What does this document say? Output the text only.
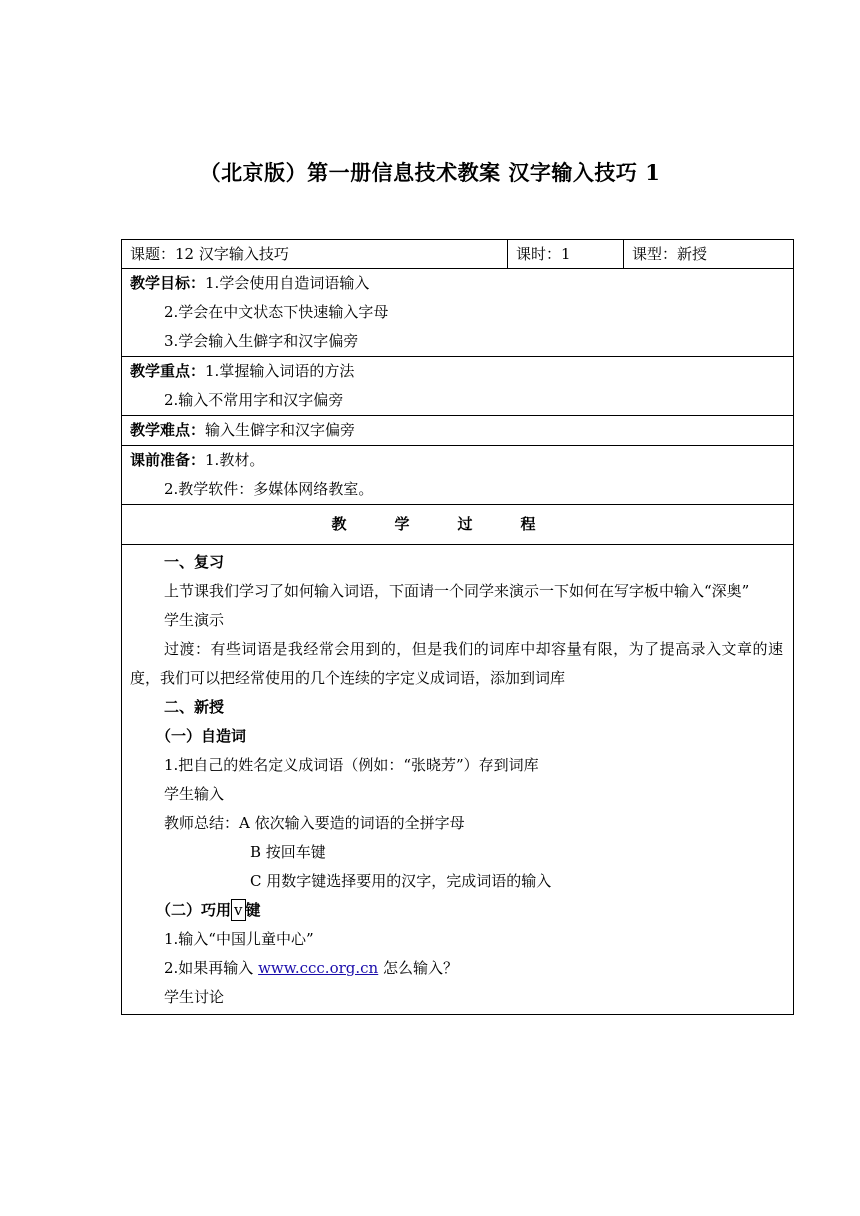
（北京版）第一册信息技术教案 汉字输入技巧 1
课题：12 汉字输入技巧	课时：1	课型：新授

教学目标：1.学会使用自造词语输入
2.学会在中文状态下快速输入字母
3.学会输入生僻字和汉字偏旁

教学重点：1.掌握输入词语的方法
2.输入不常用字和汉字偏旁

教学难点：输入生僻字和汉字偏旁

课前准备：1.教材。
2.教学软件：多媒体网络教室。

教学过程

一、复习
上节课我们学习了如何输入词语，下面请一个同学来演示一下如何在写字板中输入“深奥”
学生演示
过渡：有些词语是我经常会用到的，但是我们的词库中却容量有限，为了提高录入文章的速度，我们可以把经常使用的几个连续的字定义成词语，添加到词库
二、新授
（一）自造词
1.把自己的姓名定义成词语（例如：“张晓芳”）存到词库
学生输入
教师总结：A 依次输入要造的词语的全拼字母
B 按回车键
C 用数字键选择要用的汉字，完成词语的输入
（二）巧用 v 键
1.输入“中国儿童中心”
2.如果再输入 www.ccc.org.cn 怎么输入？
学生讨论
